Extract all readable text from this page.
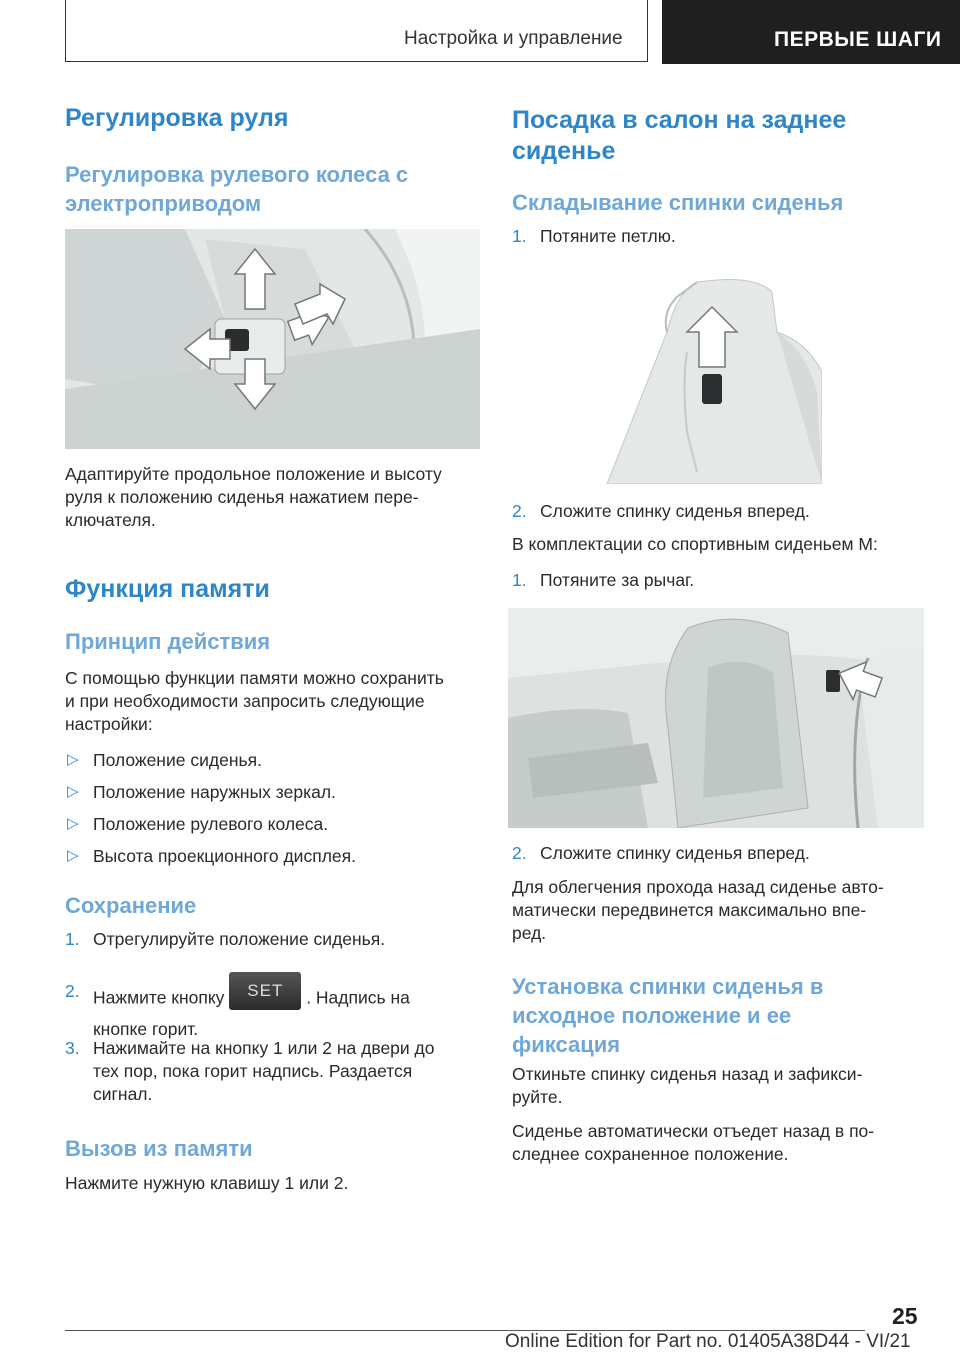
Настройка и управление	ПЕРВЫЕ ШАГИ
Регулировка руля
Регулировка рулевого колеса с электроприводом

Адаптируйте продольное положение и высоту
руля к положению сиденья нажатием пере-
ключателя.

Функция памяти
Принцип действия

С помощью функции памяти можно сохранить
и при необходимости запросить следующие
настройки:

▷ Положение сиденья.
▷ Положение наружных зеркал.
▷ Положение рулевого колеса.
▷ Высота проекционного дисплея.
Сохранение
1. Отрегулируйте положение сиденья.
2. Нажмите кнопку SET . Надпись на
кнопке горит.
3. Нажимайте на кнопку 1 или 2 на двери до
тех пор, пока горит надпись. Раздается
сигнал.
Вызов из памяти

Нажмите нужную клавишу 1 или 2.

Посадка в салон на заднее
сиденье
Складывание спинки сиденья
1. Потяните петлю.
2. Сложите спинку сиденья вперед.

В комплектации со спортивным сиденьем M:

1. Потяните за рычаг.
2. Сложите спинку сиденья вперед.

Для облегчения прохода назад сиденье авто-
матически передвинется максимально впе-
ред.

Установка спинки сиденья в
исходное положение и ее
фиксация

Откиньте спинку сиденья назад и зафикси-
руйте.

Сиденье автоматически отъедет назад в по-
следнее сохраненное положение.

25
Online Edition for Part no. 01405A38D44 - VI/21
